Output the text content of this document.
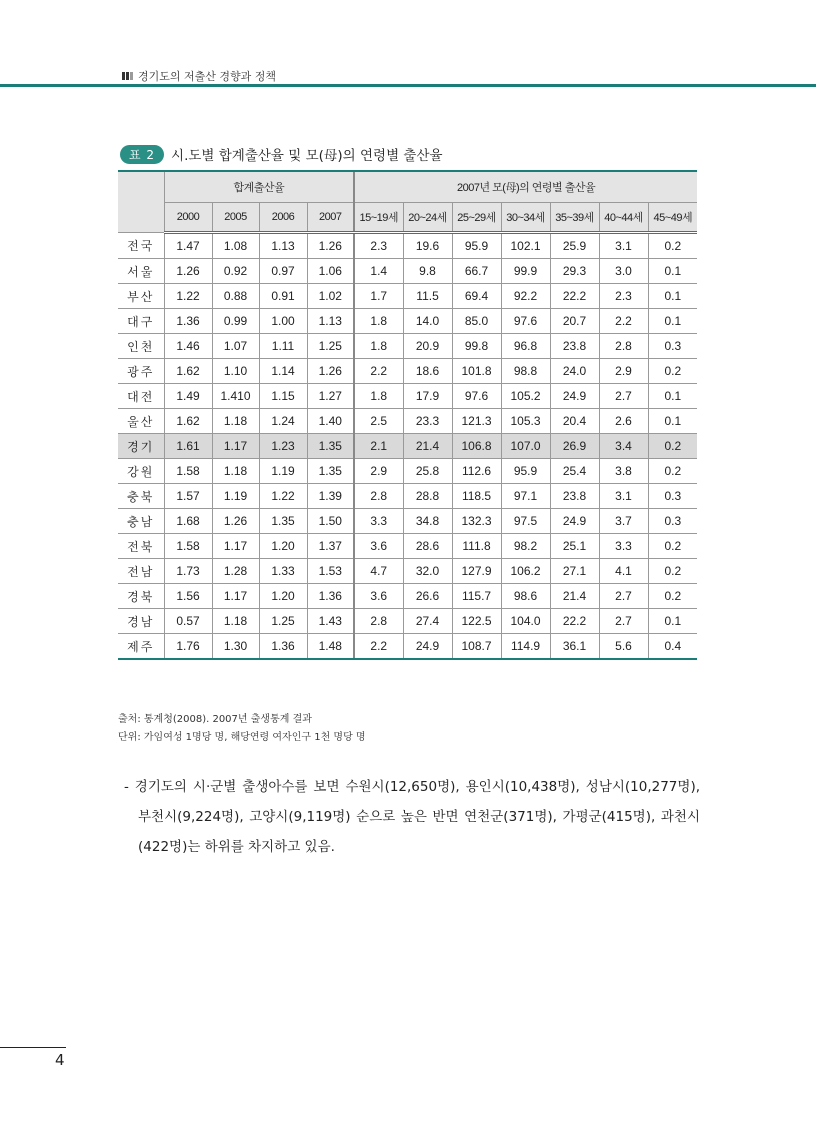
경기도의 저출산 경향과 정책
표 2	시.도별 합계출산율 및 모(母)의 연령별 출산율
	합계출산율				2007년 모(母)의 연령별 출산율						
	2000	2005	2006	2007	15~19세	20~24세	25~29세	30~34세	35~39세	40~44세	45~49세
전국	1.47	1.08	1.13	1.26	2.3	19.6	95.9	102.1	25.9	3.1	0.2
서울	1.26	0.92	0.97	1.06	1.4	9.8	66.7	99.9	29.3	3.0	0.1
부산	1.22	0.88	0.91	1.02	1.7	11.5	69.4	92.2	22.2	2.3	0.1
대구	1.36	0.99	1.00	1.13	1.8	14.0	85.0	97.6	20.7	2.2	0.1
인천	1.46	1.07	1.11	1.25	1.8	20.9	99.8	96.8	23.8	2.8	0.3
광주	1.62	1.10	1.14	1.26	2.2	18.6	101.8	98.8	24.0	2.9	0.2
대전	1.49	1.410	1.15	1.27	1.8	17.9	97.6	105.2	24.9	2.7	0.1
울산	1.62	1.18	1.24	1.40	2.5	23.3	121.3	105.3	20.4	2.6	0.1
경기	1.61	1.17	1.23	1.35	2.1	21.4	106.8	107.0	26.9	3.4	0.2
강원	1.58	1.18	1.19	1.35	2.9	25.8	112.6	95.9	25.4	3.8	0.2
충북	1.57	1.19	1.22	1.39	2.8	28.8	118.5	97.1	23.8	3.1	0.3
충남	1.68	1.26	1.35	1.50	3.3	34.8	132.3	97.5	24.9	3.7	0.3
전북	1.58	1.17	1.20	1.37	3.6	28.6	111.8	98.2	25.1	3.3	0.2
전남	1.73	1.28	1.33	1.53	4.7	32.0	127.9	106.2	27.1	4.1	0.2
경북	1.56	1.17	1.20	1.36	3.6	26.6	115.7	98.6	21.4	2.7	0.2
경남	0.57	1.18	1.25	1.43	2.8	27.4	122.5	104.0	22.2	2.7	0.1
제주	1.76	1.30	1.36	1.48	2.2	24.9	108.7	114.9	36.1	5.6	0.4
출처: 통계청(2008). 2007년 출생통계 결과
단위: 가임여성 1명당 명, 해당연령 여자인구 1천 명당 명
- 경기도의 시·군별 출생아수를 보면 수원시(12,650명), 용인시(10,438명), 성남시(10,277명), 부천시(9,224명), 고양시(9,119명) 순으로 높은 반면 연천군(371명), 가평군(415명), 과천시(422명)는 하위를 차지하고 있음.
4
